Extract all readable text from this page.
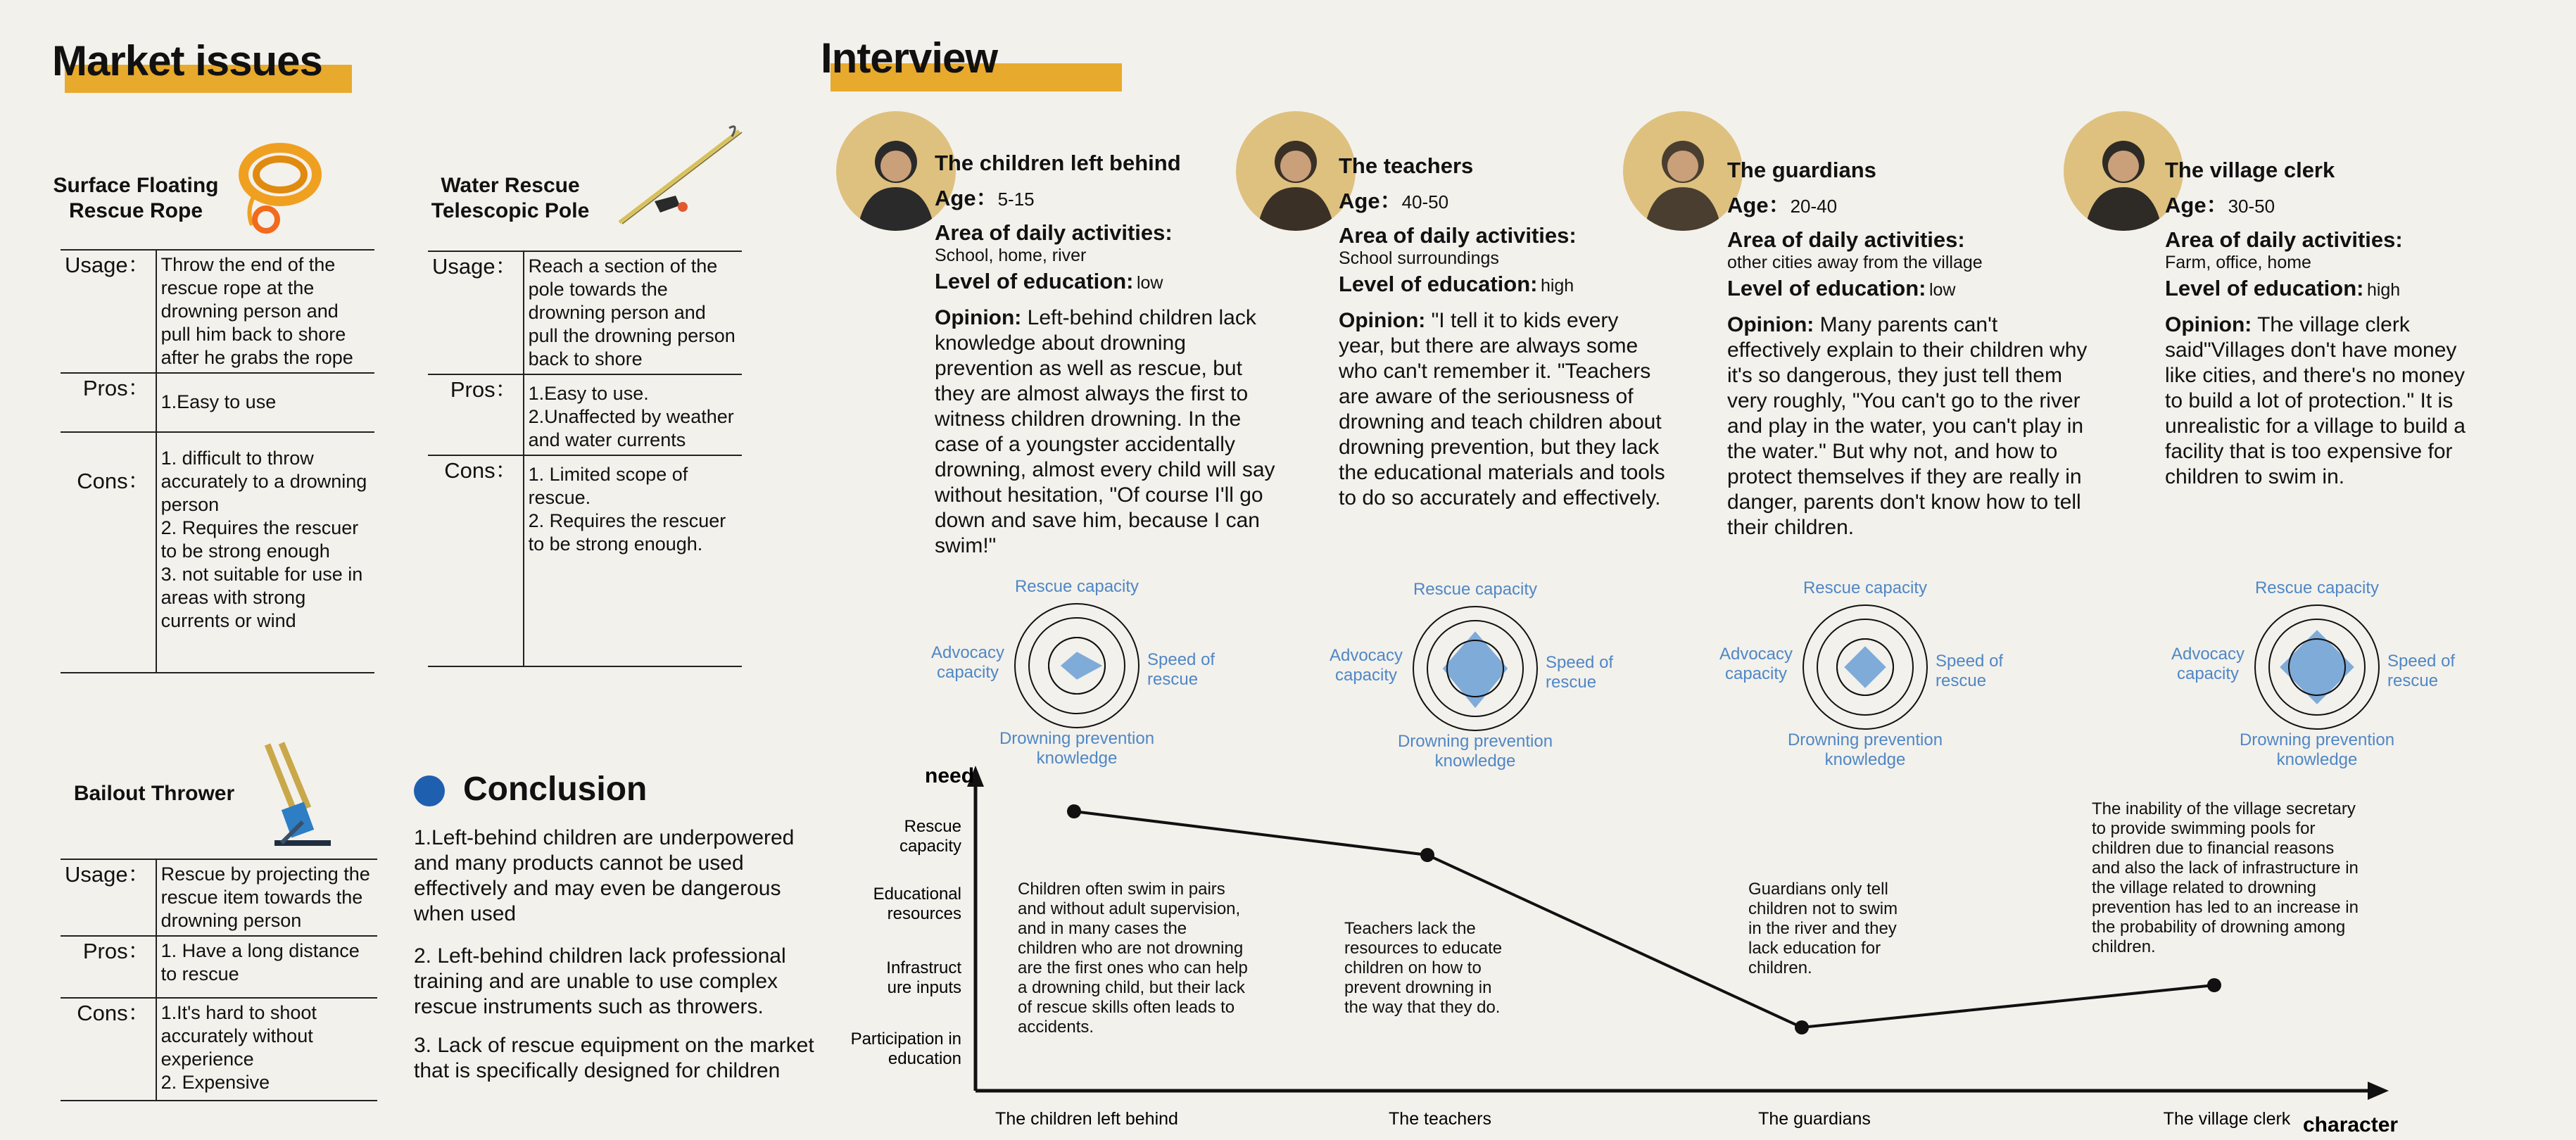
Market issues
Surface Floating Rescue Rope
Usage：	Throw the end of the rescue rope at the drowning person and pull him back to shore after he grabs the rope
Pros：	1.Easy to use
Cons：	1. difficult to throw accurately to a drowning person
2. Requires the rescuer to be strong enough
3. not suitable for use in areas with strong currents or wind
Water Rescue Telescopic Pole
Usage：	Reach a section of the pole towards the drowning person and pull the drowning person back to shore
Pros：	1.Easy to use.
2.Unaffected by weather and water currents

Cons：	1. Limited scope of rescue.
2. Requires the rescuer to be strong enough.
Bailout Thrower
Usage：	Rescue by projecting the rescue item towards the drowning person
Pros：	1. Have a long distance to rescue
Cons：	1.It's hard to shoot accurately without experience
2. Expensive
Conclusion
1.Left-behind children are underpowered and many products cannot be used effectively and may even be dangerous when used
2. Left-behind children lack professional training and are unable to use complex rescue instruments such as throwers.
3. Lack of rescue equipment on the market that is specifically designed for children
Interview
The children left behind
Age：5-15
Area of daily activities:
School, home, river
Level of education: low
Opinion: Left-behind children lack knowledge about drowning prevention as well as rescue, but they are almost always the first to witness children drowning. In the case of a youngster accidentally drowning, almost every child will say without hesitation, "Of course I'll go down and save him, because I can swim!"
The teachers
Age：40-50
Area of daily activities:
School surroundings
Level of education: high
Opinion: "I tell it to kids every year, but there are always some who can't remember it. "Teachers are aware of the seriousness of drowning and teach children about drowning prevention, but they lack the educational materials and tools to do so accurately and effectively.
The guardians
Age：20-40
Area of daily activities:
other cities away from the village
Level of education: low
Opinion: Many parents can't effectively explain to their children why it's so dangerous, they just tell them very roughly, "You can't go to the river and play in the water, you can't play in the water." But why not, and how to protect themselves if they are really in danger, parents don't know how to tell their children.
The village clerk
Age：30-50
Area of daily activities:
Farm, office, home
Level of education: high
Opinion: The village clerk said"Villages don't have money like cities, and there's no money to build a lot of protection." It is unrealistic for a village to build a facility that is too expensive for children to swim in.
Rescue capacity
Advocacy capacity
Speed of rescue
Drowning prevention knowledge
Rescue capacity
Advocacy capacity
Speed of rescue
Drowning prevention knowledge
Rescue capacity
Advocacy capacity
Speed of rescue
Drowning prevention knowledge
Rescue capacity
Advocacy capacity
Speed of rescue
Drowning prevention knowledge
need
character
Rescue capacity
Educational resources
Infrastruct ure inputs
Participation in education
The children left behind	The teachers	The guardians	The village clerk
Children often swim in pairs and without adult supervision, and in many cases the children who are not drowning are the first ones who can help a drowning child, but their lack of rescue skills often leads to accidents.
Teachers lack the resources to educate children on how to prevent drowning in the way that they do.
Guardians only tell children not to swim in the river and they lack education for children.
The inability of the village secretary to provide swimming pools for children due to financial reasons and also the lack of infrastructure in the village related to drowning prevention has led to an increase in the probability of drowning among children.
